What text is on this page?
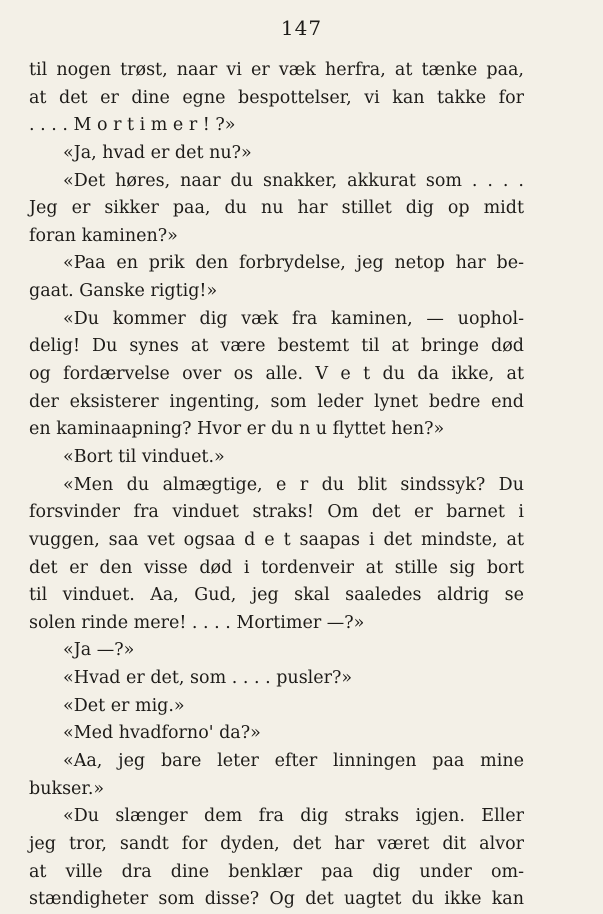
147
til nogen trøst, naar vi er væk herfra, at tænke paa,
at det er dine egne bespottelser, vi kan takke for
. . . . M o r t i m e r ! ?»
«Ja, hvad er det nu?»
«Det høres, naar du snakker, akkurat som . . . .
Jeg er sikker paa, du nu har stillet dig op midt
foran kaminen?»
«Paa en prik den forbrydelse, jeg netop har be-
gaat. Ganske rigtig!»
«Du kommer dig væk fra kaminen, — uophol-
delig! Du synes at være bestemt til at bringe død
og fordærvelse over os alle. V e t du da ikke, at
der eksisterer ingenting, som leder lynet bedre end
en kaminaapning? Hvor er du n u flyttet hen?»
«Bort til vinduet.»
«Men du almægtige, e r du blit sindssyk? Du
forsvinder fra vinduet straks! Om det er barnet i
vuggen, saa vet ogsaa d e t saapas i det mindste, at
det er den visse død i tordenveir at stille sig bort
til vinduet. Aa, Gud, jeg skal saaledes aldrig se
solen rinde mere! . . . . Mortimer —?»
«Ja —?»
«Hvad er det, som . . . . pusler?»
«Det er mig.»
«Med hvadforno' da?»
«Aa, jeg bare leter efter linningen paa mine
bukser.»
«Du slænger dem fra dig straks igjen. Eller
jeg tror, sandt for dyden, det har været dit alvor
at ville dra dine benklær paa dig under om-
stændigheter som disse? Og det uagtet du ikke kan
